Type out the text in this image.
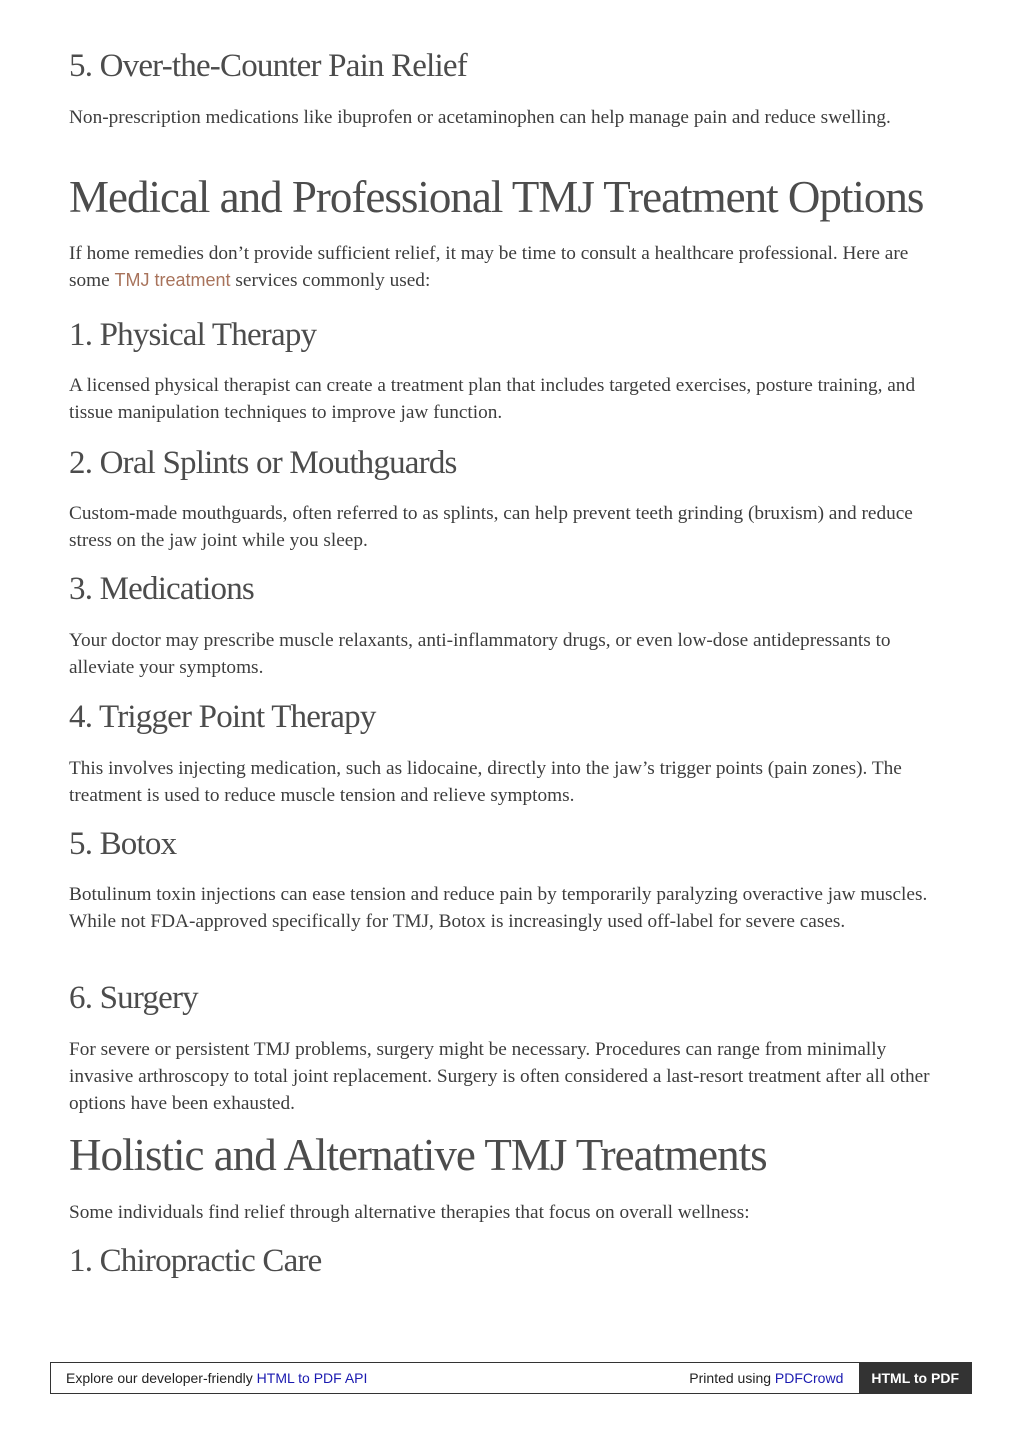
5. Over-the-Counter Pain Relief

Non-prescription medications like ibuprofen or acetaminophen can help manage pain and reduce swelling.

Medical and Professional TMJ Treatment Options

If home remedies don’t provide sufficient relief, it may be time to consult a healthcare professional. Here are some TMJ treatment services commonly used:

1. Physical Therapy

A licensed physical therapist can create a treatment plan that includes targeted exercises, posture training, and tissue manipulation techniques to improve jaw function.

2. Oral Splints or Mouthguards

Custom-made mouthguards, often referred to as splints, can help prevent teeth grinding (bruxism) and reduce stress on the jaw joint while you sleep.

3. Medications

Your doctor may prescribe muscle relaxants, anti-inflammatory drugs, or even low-dose antidepressants to alleviate your symptoms.

4. Trigger Point Therapy

This involves injecting medication, such as lidocaine, directly into the jaw’s trigger points (pain zones). The treatment is used to reduce muscle tension and relieve symptoms.

5. Botox

Botulinum toxin injections can ease tension and reduce pain by temporarily paralyzing overactive jaw muscles. While not FDA-approved specifically for TMJ, Botox is increasingly used off-label for severe cases.

6. Surgery

For severe or persistent TMJ problems, surgery might be necessary. Procedures can range from minimally invasive arthroscopy to total joint replacement. Surgery is often considered a last-resort treatment after all other options have been exhausted.

Holistic and Alternative TMJ Treatments

Some individuals find relief through alternative therapies that focus on overall wellness:

1. Chiropractic Care
Explore our developer-friendly HTML to PDF API	Printed using PDFCrowd	HTML to PDF
